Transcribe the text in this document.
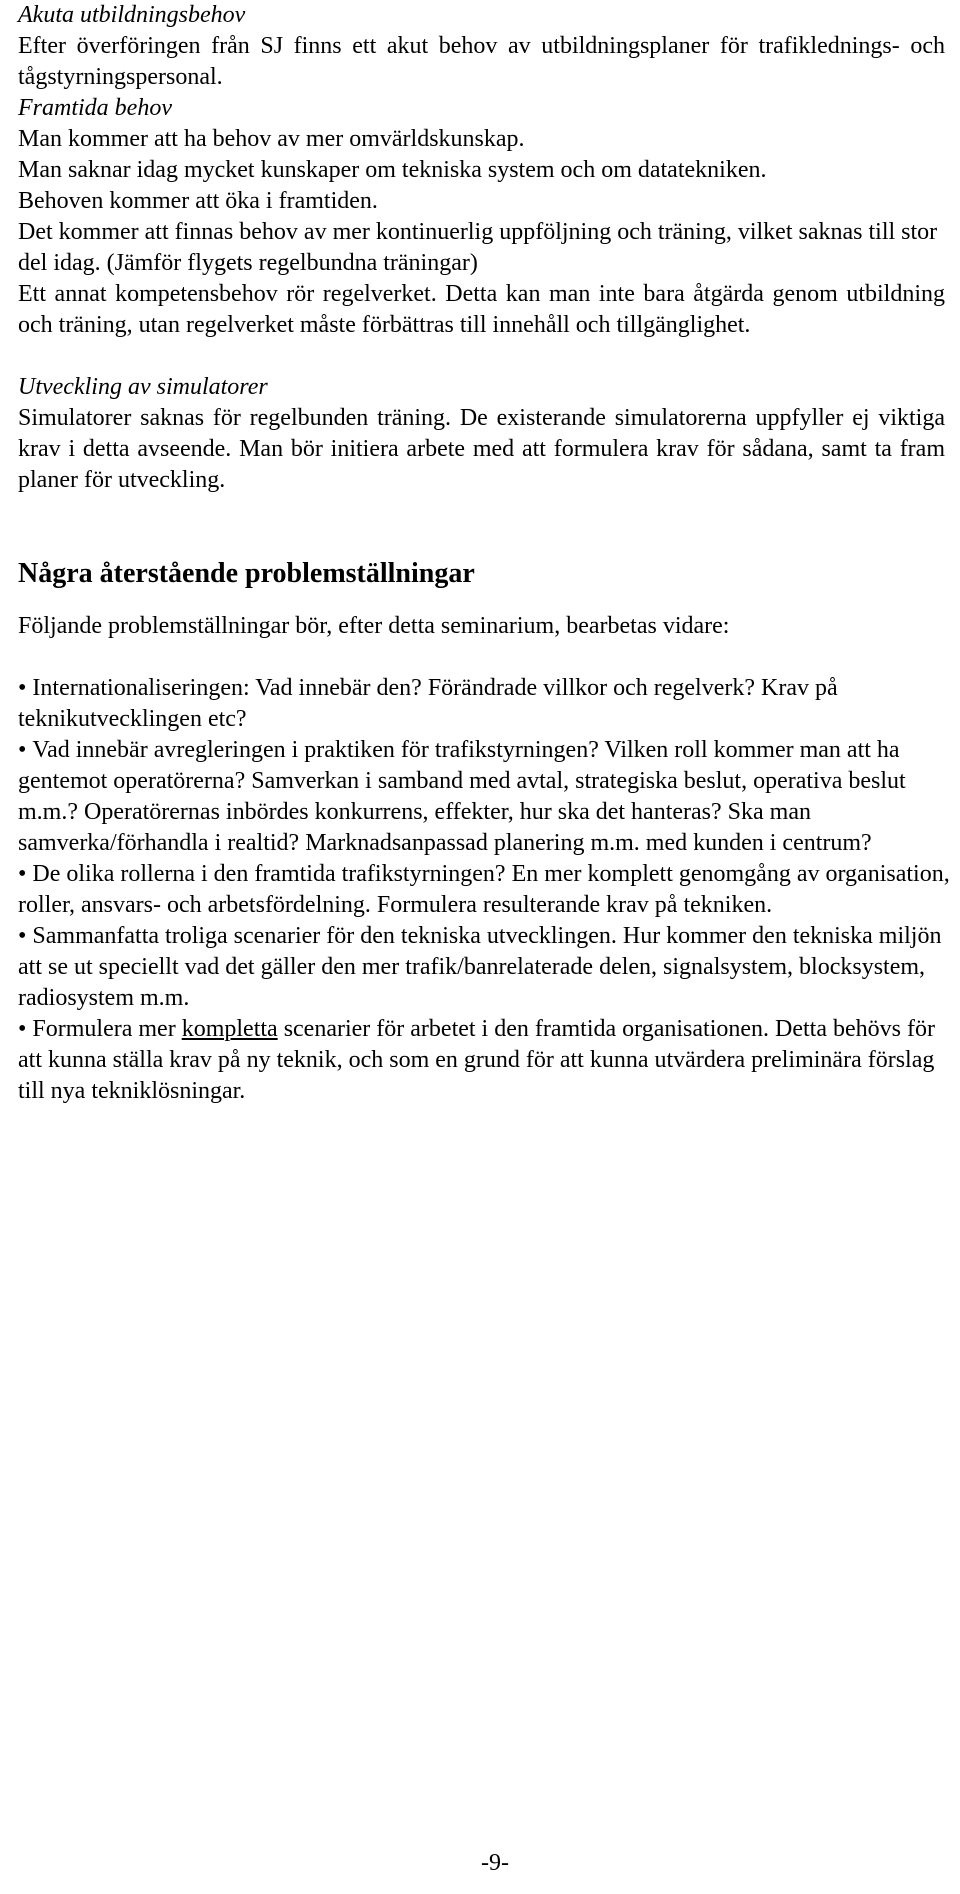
Akuta utbildningsbehov

Efter överföringen från SJ finns ett akut behov av utbildningsplaner för trafiklednings- och tågstyrningspersonal.

Framtida behov

Man kommer att ha behov av mer omvärldskunskap.

Man saknar idag mycket kunskaper om tekniska system och om datatekniken.

Behoven kommer att öka i framtiden.

Det kommer att finnas behov av mer kontinuerlig uppföljning och träning, vilket saknas till stor del idag. (Jämför flygets regelbundna träningar)

Ett annat kompetensbehov rör regelverket. Detta kan man inte bara åtgärda genom utbildning och träning, utan regelverket måste förbättras till innehåll och tillgänglighet.

Utveckling av simulatorer

Simulatorer saknas för regelbunden träning. De existerande simulatorerna uppfyller ej viktiga krav i detta avseende. Man bör initiera arbete med att formulera krav för sådana, samt ta fram planer för utveckling.

Några återstående problemställningar

Följande problemställningar bör, efter detta seminarium, bearbetas vidare:

• Internationaliseringen: Vad innebär den? Förändrade villkor och regelverk? Krav på teknikutvecklingen etc?
• Vad innebär avregleringen i praktiken för trafikstyrningen? Vilken roll kommer man att ha gentemot operatörerna? Samverkan i samband med avtal, strategiska beslut, operativa beslut m.m.? Operatörernas inbördes konkurrens, effekter, hur ska det hanteras? Ska man samverka/förhandla i realtid? Marknadsanpassad planering m.m. med kunden i centrum?
• De olika rollerna i den framtida trafikstyrningen? En mer komplett genomgång av organisation, roller, ansvars- och arbetsfördelning. Formulera resulterande krav på tekniken.
• Sammanfatta troliga scenarier för den tekniska utvecklingen. Hur kommer den tekniska miljön att se ut speciellt vad det gäller den mer trafik/banrelaterade delen, signalsystem, blocksystem, radiosystem m.m.
• Formulera mer kompletta scenarier för arbetet i den framtida organisationen. Detta behövs för att kunna ställa krav på ny teknik, och som en grund för att kunna utvärdera preliminära förslag till nya tekniklösningar.
-9-
